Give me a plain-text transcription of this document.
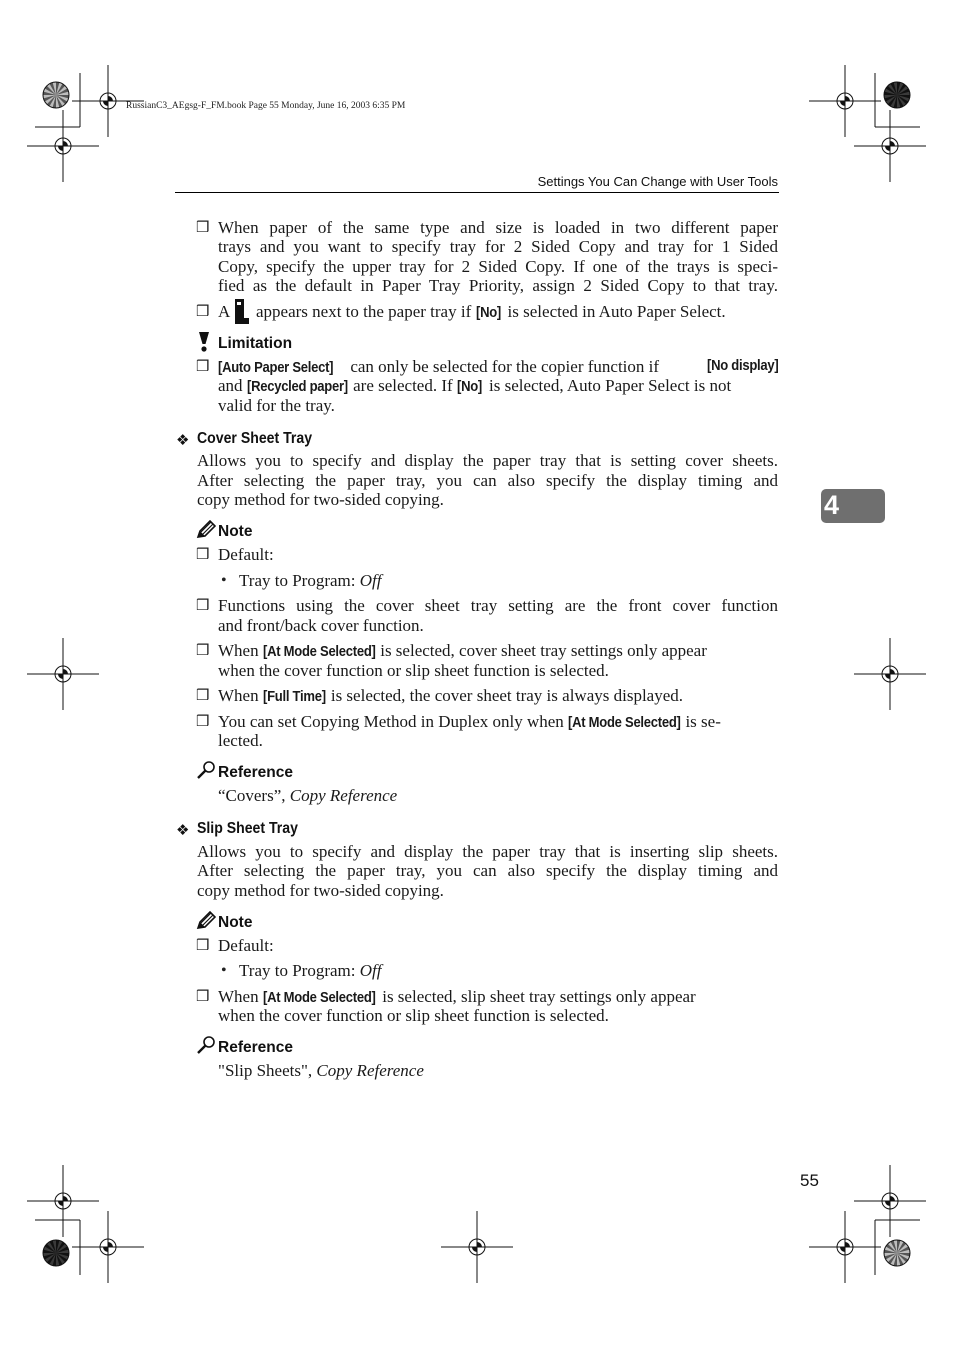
RussianC3_AEgsg-F_FM.book Page 55 Monday, June 16, 2003 6:35 PM
Settings You Can Change with User Tools
4
❒ When paper of the same type and size is loaded in two different paper
trays and you want to specify tray for 2 Sided Copy and tray for 1 Sided
Copy, specify the upper tray for 2 Sided Copy. If one of the trays is speci-
fied as the default in Paper Tray Priority, assign 2 Sided Copy to that tray.
❒ A appears next to the paper tray if [No] is selected in Auto Paper Select.
Limitation
❒ [Auto Paper Select] can only be selected for the copier function if	[No display]
and [Recycled paper] are selected. If [No] is selected, Auto Paper Select is not
valid for the tray.
❖ Cover Sheet Tray
Allows you to specify and display the paper tray that is setting cover sheets.
After selecting the paper tray, you can also specify the display timing and
copy method for two-sided copying.
Note
❒ Default:
• Tray to Program: Off
❒ Functions using the cover sheet tray setting are the front cover function
and front/back cover function.
❒ When [At Mode Selected] is selected, cover sheet tray settings only appear
when the cover function or slip sheet function is selected.
❒ When [Full Time] is selected, the cover sheet tray is always displayed.
❒ You can set Copying Method in Duplex only when [At Mode Selected] is se-
lected.
Reference
“Covers”, Copy Reference
❖ Slip Sheet Tray
Allows you to specify and display the paper tray that is inserting slip sheets.
After selecting the paper tray, you can also specify the display timing and
copy method for two-sided copying.
Note
❒ Default:
• Tray to Program: Off
❒ When [At Mode Selected] is selected, slip sheet tray settings only appear
when the cover function or slip sheet function is selected.
Reference
"Slip Sheets", Copy Reference
55
